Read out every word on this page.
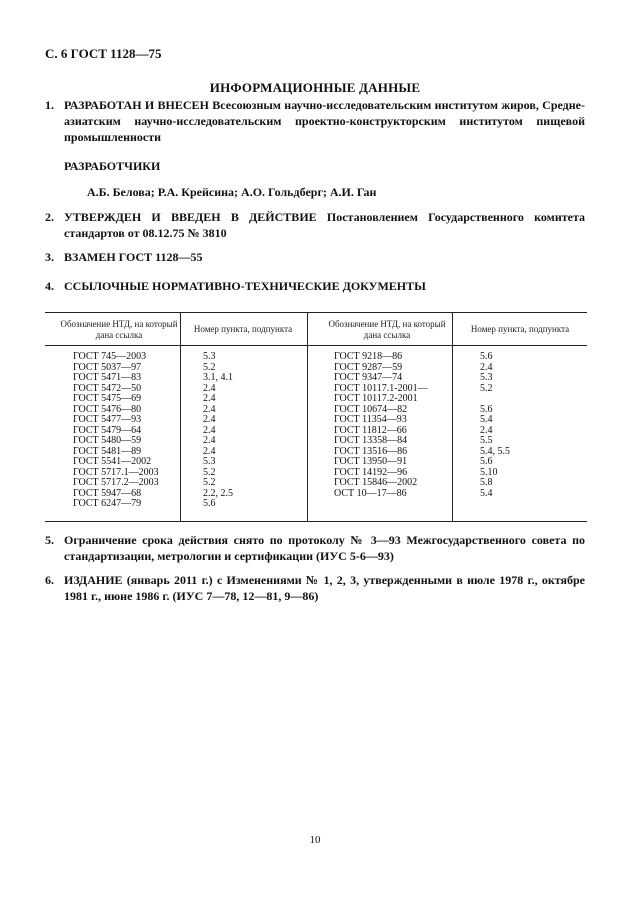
С. 6 ГОСТ 1128—75
ИНФОРМАЦИОННЫЕ ДАННЫЕ
1. РАЗРАБОТАН И ВНЕСЕН Всесоюзным научно-исследовательским институтом жиров, Средне-азиатским научно-исследовательским проектно-конструкторским институтом пищевой промышленности
РАЗРАБОТЧИКИ
А.Б. Белова; Р.А. Крейсина; А.О. Гольдберг; А.И. Ган
2. УТВЕРЖДЕН И ВВЕДЕН В ДЕЙСТВИЕ Постановлением Государственного комитета стандартов от 08.12.75 № 3810
3. ВЗАМЕН ГОСТ 1128—55
4. ССЫЛОЧНЫЕ НОРМАТИВНО-ТЕХНИЧЕСКИЕ ДОКУМЕНТЫ
Обозначение НТД, на который дана ссылка
Номер пункта, подпункта	Обозначение НТД, на который дана ссылка
Номер пункта, подпункта
ГОСТ 745—2003
ГОСТ 5037—97
ГОСТ 5471—83
ГОСТ 5472—50
ГОСТ 5475—69
ГОСТ 5476—80
ГОСТ 5477—93
ГОСТ 5479—64
ГОСТ 5480—59
ГОСТ 5481—89
ГОСТ 5541—2002
ГОСТ 5717.1—2003
ГОСТ 5717.2—2003
ГОСТ 5947—68
ГОСТ 6247—79
5.3
5.2
3.1, 4.1
2.4
2.4
2.4
2.4
2.4
2.4
2.4
5.3
5.2
5.2
2.2, 2.5
5.6
ГОСТ 9218—86
ГОСТ 9287—59
ГОСТ 9347—74
ГОСТ 10117.1-2001—
ГОСТ 10117.2-2001
ГОСТ 10674—82
ГОСТ 11354—93
ГОСТ 11812—66
ГОСТ 13358—84
ГОСТ 13516—86
ГОСТ 13950—91
ГОСТ 14192—96
ГОСТ 15846—2002
ОСТ 10—17—86
5.6
2.4
5.3
5.2
5.6
5.4
2.4
5.5
5.4, 5.5
5.6
5.10
5.8
5.4
5. Ограничение срока действия снято по протоколу № 3—93 Межгосударственного совета по стандартизации, метрологии и сертификации (ИУС 5-6—93)
6. ИЗДАНИЕ (январь 2011 г.) с Изменениями № 1, 2, 3, утвержденными в июле 1978 г., октябре 1981 г., июне 1986 г. (ИУС 7—78, 12—81, 9—86)
10
